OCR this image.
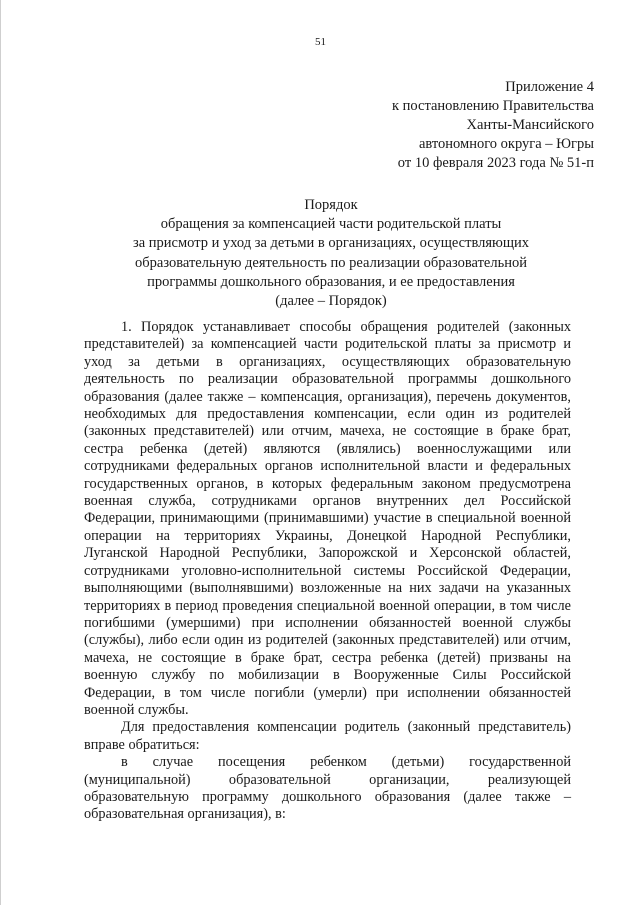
51
Приложение 4
к постановлению Правительства
Ханты-Мансийского
автономного округа – Югры
от 10 февраля 2023 года № 51-п
Порядок
обращения за компенсацией части родительской платы
за присмотр и уход за детьми в организациях, осуществляющих
образовательную деятельность по реализации образовательной
программы дошкольного образования, и ее предоставления
(далее – Порядок)

1. Порядок устанавливает способы обращения родителей (законных представителей) за компенсацией части родительской платы за присмотр и уход за детьми в организациях, осуществляющих образовательную деятельность по реализации образовательной программы дошкольного образования (далее также – компенсация, организация), перечень документов, необходимых для предоставления компенсации, если один из родителей (законных представителей) или отчим, мачеха, не состоящие в браке брат, сестра ребенка (детей) являются (являлись) военнослужащими или сотрудниками федеральных органов исполнительной власти и федеральных государственных органов, в которых федеральным законом предусмотрена военная служба, сотрудниками органов внутренних дел Российской Федерации, принимающими (принимавшими) участие в специальной военной операции на территориях Украины, Донецкой Народной Республики, Луганской Народной Республики, Запорожской и Херсонской областей, сотрудниками уголовно-исполнительной системы Российской Федерации, выполняющими (выполнявшими) возложенные на них задачи на указанных территориях в период проведения специальной военной операции, в том числе погибшими (умершими) при исполнении обязанностей военной службы (службы), либо если один из родителей (законных представителей) или отчим, мачеха, не состоящие в браке брат, сестра ребенка (детей) призваны на военную службу по мобилизации в Вооруженные Силы Российской Федерации, в том числе погибли (умерли) при исполнении обязанностей военной службы.

Для предоставления компенсации родитель (законный представитель) вправе обратиться:

в случае посещения ребенком (детьми) государственной (муниципальной) образовательной организации, реализующей образовательную программу дошкольного образования (далее также – образовательная организация), в:
